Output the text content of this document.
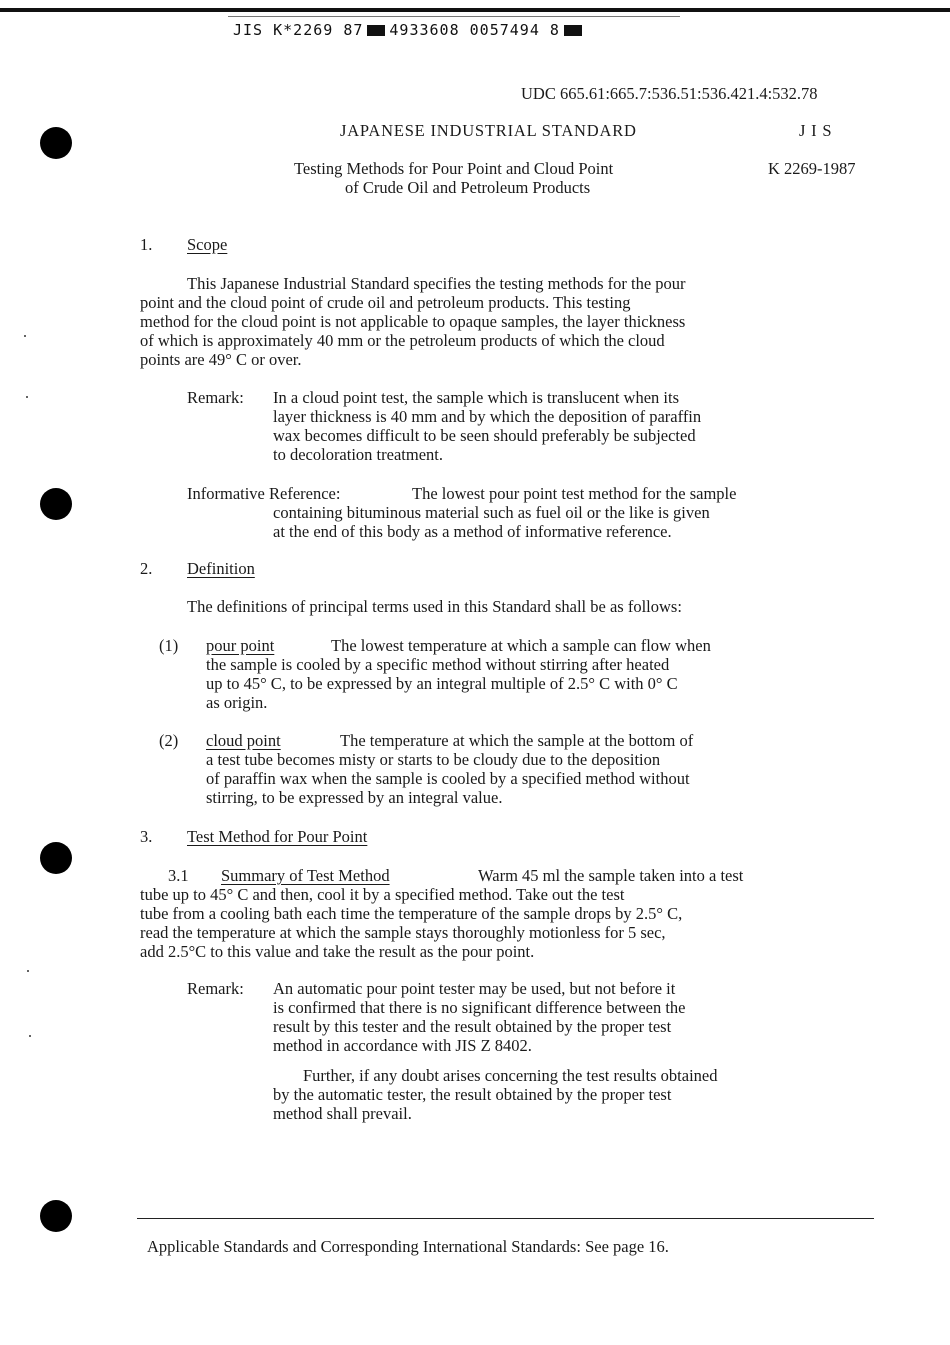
JIS K*2269 87 4933608 0057494 8
UDC 665.61:665.7:536.51:536.421.4:532.78
JAPANESE INDUSTRIAL STANDARD	J I S
Testing Methods for Pour Point and Cloud Point
of Crude Oil and Petroleum Products
K 2269-1987
1. Scope
This Japanese Industrial Standard specifies the testing methods for the pour
point and the cloud point of crude oil and petroleum products. This testing
method for the cloud point is not applicable to opaque samples, the layer thickness
of which is approximately 40 mm or the petroleum products of which the cloud
points are 49° C or over.
Remark: In a cloud point test, the sample which is translucent when its
layer thickness is 40 mm and by which the deposition of paraffin
wax becomes difficult to be seen should preferably be subjected
to decoloration treatment.
Informative Reference:	The lowest pour point test method for the sample
containing bituminous material such as fuel oil or the like is given
at the end of this body as a method of informative reference.
2. Definition
The definitions of principal terms used in this Standard shall be as follows:
(1) pour point	The lowest temperature at which a sample can flow when
the sample is cooled by a specific method without stirring after heated
up to 45° C, to be expressed by an integral multiple of 2.5° C with 0° C
as origin.
(2) cloud point	The temperature at which the sample at the bottom of
a test tube becomes misty or starts to be cloudy due to the deposition
of paraffin wax when the sample is cooled by a specified method without
stirring, to be expressed by an integral value.
3. Test Method for Pour Point
3.1 Summary of Test Method	Warm 45 ml the sample taken into a test
tube up to 45° C and then, cool it by a specified method. Take out the test
tube from a cooling bath each time the temperature of the sample drops by 2.5° C,
read the temperature at which the sample stays thoroughly motionless for 5 sec,
add 2.5°C to this value and take the result as the pour point.
Remark: An automatic pour point tester may be used, but not before it
is confirmed that there is no significant difference between the
result by this tester and the result obtained by the proper test
method in accordance with JIS Z 8402.
Further, if any doubt arises concerning the test results obtained
by the automatic tester, the result obtained by the proper test
method shall prevail.
Applicable Standards and Corresponding International Standards: See page 16.
